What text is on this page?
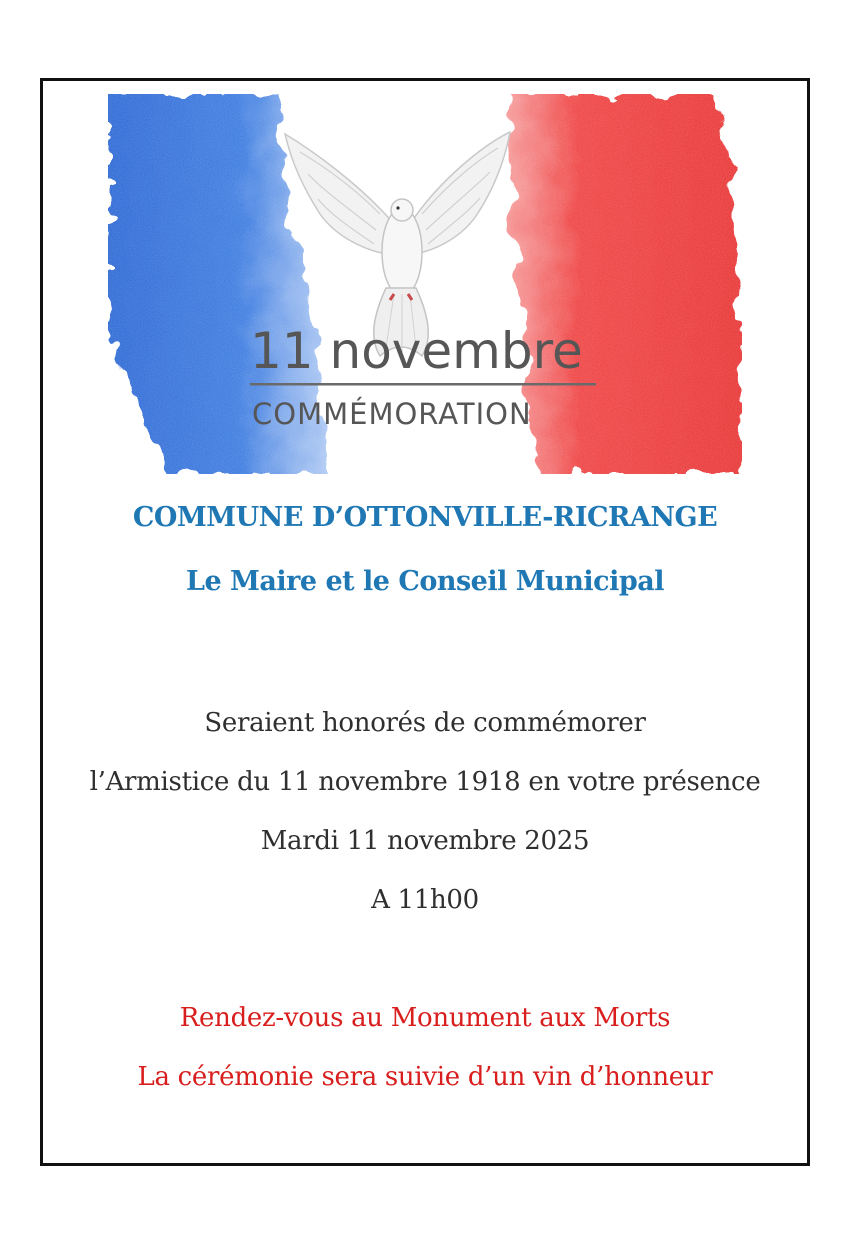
11 novembre
COMMÉMORATION
COMMUNE D’OTTONVILLE-RICRANGE
Le Maire et le Conseil Municipal
Seraient honorés de commémorer
l’Armistice du 11 novembre 1918 en votre présence
Mardi 11 novembre 2025
A 11h00
Rendez-vous au Monument aux Morts
La cérémonie sera suivie d’un vin d’honneur
